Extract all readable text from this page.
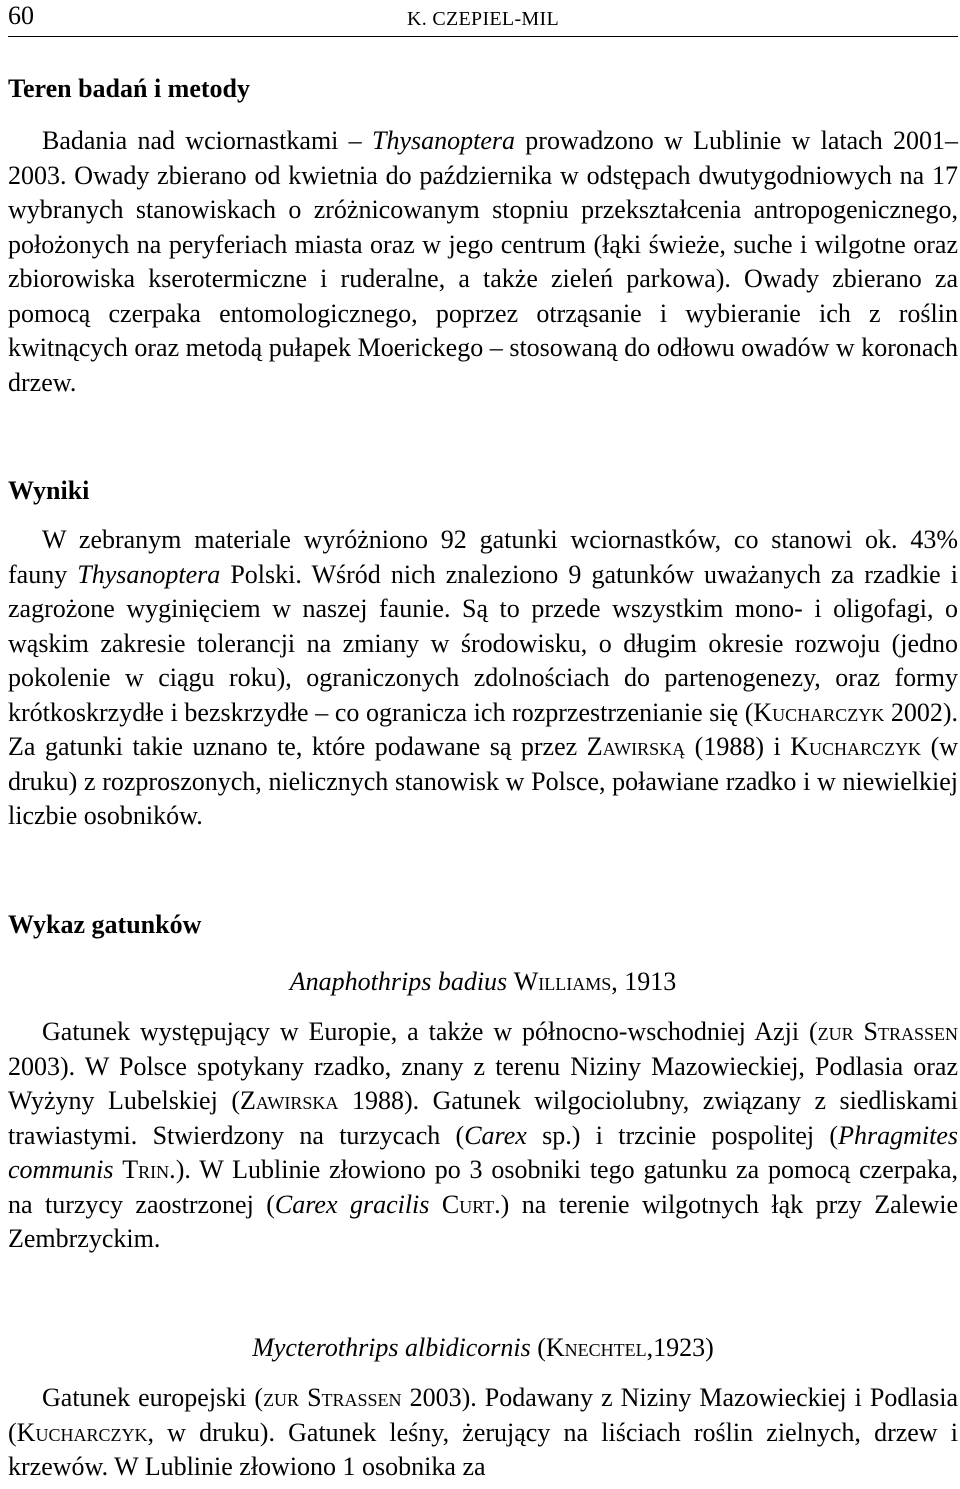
60	K. CZEPIEL-MIL
Teren badań i metody

Badania nad wciornastkami – Thysanoptera prowadzono w Lublinie w latach 2001–2003. Owady zbierano od kwietnia do października w odstępach dwutygodniowych na 17 wybranych stanowiskach o zróżnicowanym stopniu przekształcenia antropogenicznego, położonych na peryferiach miasta oraz w jego centrum (łąki świeże, suche i wilgotne oraz zbiorowiska kserotermiczne i ruderalne, a także zieleń parkowa). Owady zbierano za pomocą czerpaka entomologicznego, poprzez otrząsanie i wybieranie ich z roślin kwitnących oraz metodą pułapek Moerickego – stosowaną do odłowu owadów w koronach drzew.

Wyniki

W zebranym materiale wyróżniono 92 gatunki wciornastków, co stanowi ok. 43% fauny Thysanoptera Polski. Wśród nich znaleziono 9 gatunków uważanych za rzadkie i zagrożone wyginięciem w naszej faunie. Są to przede wszystkim mono- i oligofagi, o wąskim zakresie tolerancji na zmiany w środowisku, o długim okresie rozwoju (jedno pokolenie w ciągu roku), ograniczonych zdolnościach do partenogenezy, oraz formy krótkoskrzydłe i bezskrzydłe – co ogranicza ich rozprzestrzenianie się (Kucharczyk 2002). Za gatunki takie uznano te, które podawane są przez Zawirską (1988) i Kucharczyk (w druku) z rozproszonych, nielicznych stanowisk w Polsce, poławiane rzadko i w niewielkiej liczbie osobników.

Wykaz gatunków

Anaphothrips badius Williams, 1913

Gatunek występujący w Europie, a także w północno-wschodniej Azji (zur Strassen 2003). W Polsce spotykany rzadko, znany z terenu Niziny Mazowieckiej, Podlasia oraz Wyżyny Lubelskiej (Zawirska 1988). Gatunek wilgociolubny, związany z siedliskami trawiastymi. Stwierdzony na turzycach (Carex sp.) i trzcinie pospolitej (Phragmites communis Trin.). W Lublinie złowiono po 3 osobniki tego gatunku za pomocą czerpaka, na turzycy zaostrzonej (Carex gracilis Curt.) na terenie wilgotnych łąk przy Zalewie Zembrzyckim.

Mycterothrips albidicornis (Knechtel,1923)

Gatunek europejski (zur Strassen 2003). Podawany z Niziny Mazowieckiej i Podlasia (Kucharczyk, w druku). Gatunek leśny, żerujący na liściach roślin zielnych, drzew i krzewów. W Lublinie złowiono 1 osobnika za
